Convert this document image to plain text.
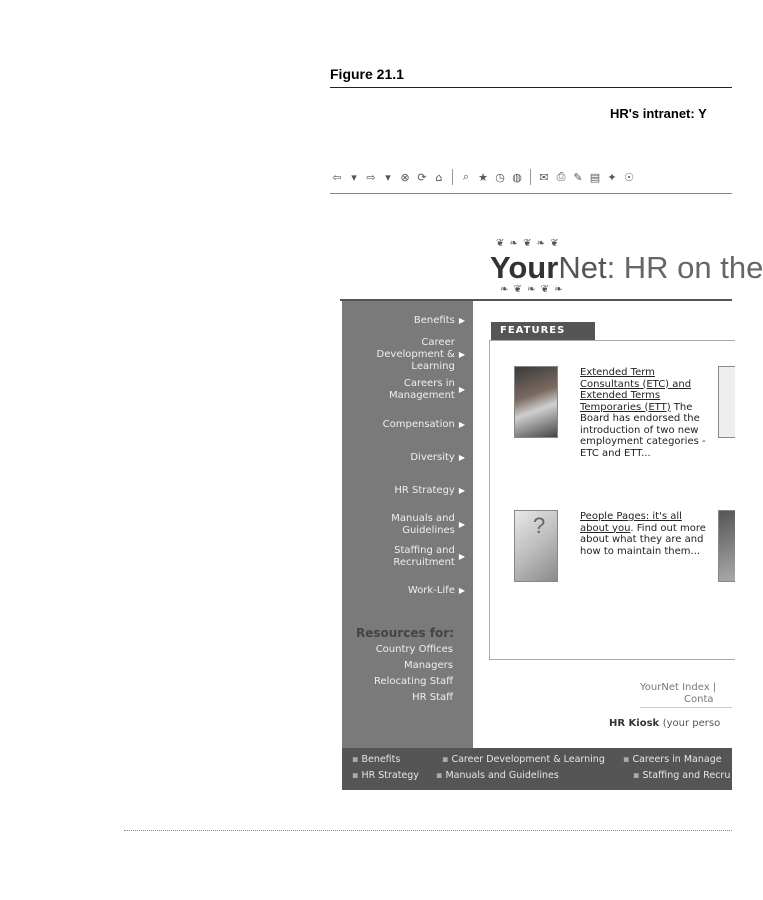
Figure 21.1
HR's intranet: Y
⇦ ▾ ⇨ ▾ ⊗ ⟳ ⌂	⌕ ★ ◷ ◍ ✉ ⎙ ✎ ▤ ✦ ☉
❦ ❧ ❦ ❧ ❦
YourNet: HR on the
❧ ❦ ❧ ❦ ❧
Benefits ▶
Career Development & Learning
▶
Careers in Management
▶
Compensation ▶
Diversity ▶
HR Strategy ▶
Manuals and Guidelines
▶
Staffing and Recruitment
▶
Work-Life ▶
Resources for:
Country Offices
Managers
Relocating Staff
HR Staff
FEATURES
Extended Term Consultants (ETC) and Extended Terms Temporaries (ETT) The Board has endorsed the introduction of two new employment categories - ETC and ETT...
?	People Pages: it's all about you. Find out more about what they are and how to maintain them...
YourNet Index |
Conta
HR Kiosk (your perso
▪ Benefits	▪ Career Development & Learning ▪ Careers in Manage
▪ HR Strategy ▪ Manuals and Guidelines	▪ Staffing and Recru
